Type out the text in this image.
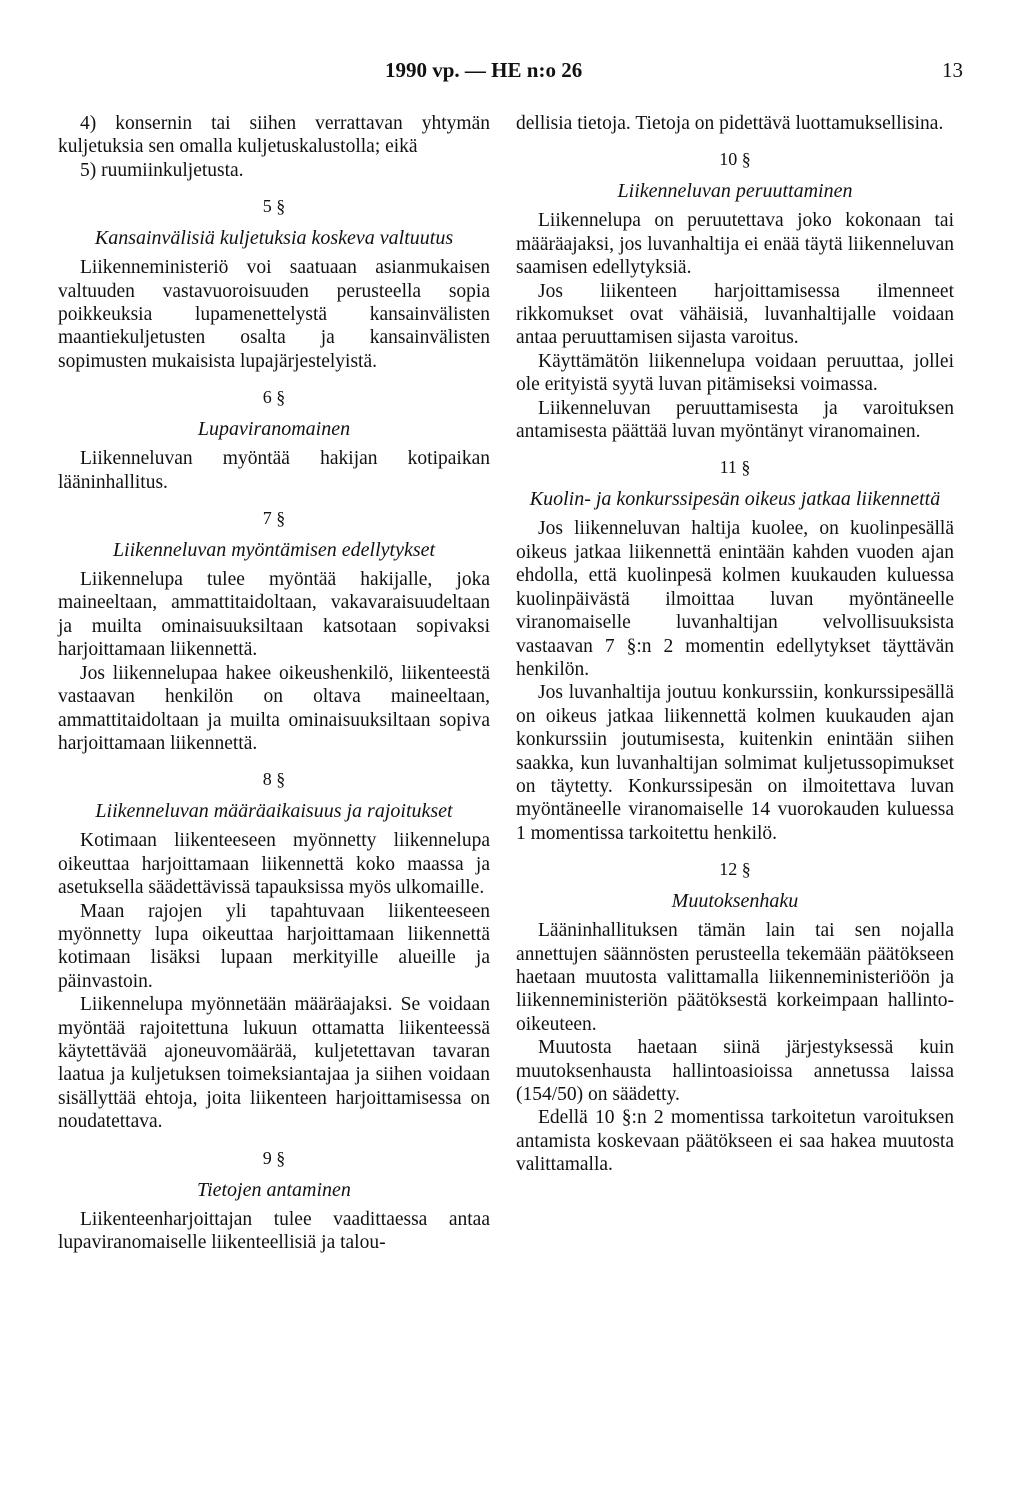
1990 vp. — HE n:o 26	13

4) konsernin tai siihen verrattavan yhtymän kuljetuksia sen omalla kuljetuskalustolla; eikä

5) ruumiinkuljetusta.

5 §
Kansainvälisiä kuljetuksia koskeva valtuutus

Liikenneministeriö voi saatuaan asianmukaisen valtuuden vastavuoroisuuden perusteella sopia poikkeuksia lupamenettelystä kansainvälisten maantiekuljetusten osalta ja kansainvälisten sopimusten mukaisista lupajärjestelyistä.

6 §
Lupaviranomainen

Liikenneluvan myöntää hakijan kotipaikan lääninhallitus.

7 §
Liikenneluvan myöntämisen edellytykset

Liikennelupa tulee myöntää hakijalle, joka maineeltaan, ammattitaidoltaan, vakavaraisuudeltaan ja muilta ominaisuuksiltaan katsotaan sopivaksi harjoittamaan liikennettä.

Jos liikennelupaa hakee oikeushenkilö, liikenteestä vastaavan henkilön on oltava maineeltaan, ammattitaidoltaan ja muilta ominaisuuksiltaan sopiva harjoittamaan liikennettä.

8 §
Liikenneluvan määräaikaisuus ja rajoitukset

Kotimaan liikenteeseen myönnetty liikennelupa oikeuttaa harjoittamaan liikennettä koko maassa ja asetuksella säädettävissä tapauksissa myös ulkomaille.

Maan rajojen yli tapahtuvaan liikenteeseen myönnetty lupa oikeuttaa harjoittamaan liikennettä kotimaan lisäksi lupaan merkityille alueille ja päinvastoin.

Liikennelupa myönnetään määräajaksi. Se voidaan myöntää rajoitettuna lukuun ottamatta liikenteessä käytettävää ajoneuvomäärää, kuljetettavan tavaran laatua ja kuljetuksen toimeksiantajaa ja siihen voidaan sisällyttää ehtoja, joita liikenteen harjoittamisessa on noudatettava.

9 §
Tietojen antaminen

Liikenteenharjoittajan tulee vaadittaessa antaa lupaviranomaiselle liikenteellisiä ja talou-

dellisia tietoja. Tietoja on pidettävä luottamuksellisina.

10 §
Liikenneluvan peruuttaminen

Liikennelupa on peruutettava joko kokonaan tai määräajaksi, jos luvanhaltija ei enää täytä liikenneluvan saamisen edellytyksiä.

Jos liikenteen harjoittamisessa ilmenneet rikkomukset ovat vähäisiä, luvanhaltijalle voidaan antaa peruuttamisen sijasta varoitus.

Käyttämätön liikennelupa voidaan peruuttaa, jollei ole erityistä syytä luvan pitämiseksi voimassa.

Liikenneluvan peruuttamisesta ja varoituksen antamisesta päättää luvan myöntänyt viranomainen.

11 §
Kuolin- ja konkurssipesän oikeus jatkaa liikennettä

Jos liikenneluvan haltija kuolee, on kuolinpesällä oikeus jatkaa liikennettä enintään kahden vuoden ajan ehdolla, että kuolinpesä kolmen kuukauden kuluessa kuolinpäivästä ilmoittaa luvan myöntäneelle viranomaiselle luvanhaltijan velvollisuuksista vastaavan 7 §:n 2 momentin edellytykset täyttävän henkilön.

Jos luvanhaltija joutuu konkurssiin, konkurssipesällä on oikeus jatkaa liikennettä kolmen kuukauden ajan konkurssiin joutumisesta, kuitenkin enintään siihen saakka, kun luvanhaltijan solmimat kuljetussopimukset on täytetty. Konkurssipesän on ilmoitettava luvan myöntäneelle viranomaiselle 14 vuorokauden kuluessa 1 momentissa tarkoitettu henkilö.

12 §
Muutoksenhaku

Lääninhallituksen tämän lain tai sen nojalla annettujen säännösten perusteella tekemään päätökseen haetaan muutosta valittamalla liikenneministeriöön ja liikenneministeriön päätöksestä korkeimpaan hallinto-oikeuteen.

Muutosta haetaan siinä järjestyksessä kuin muutoksenhausta hallintoasioissa annetussa laissa (154/50) on säädetty.

Edellä 10 §:n 2 momentissa tarkoitetun varoituksen antamista koskevaan päätökseen ei saa hakea muutosta valittamalla.
